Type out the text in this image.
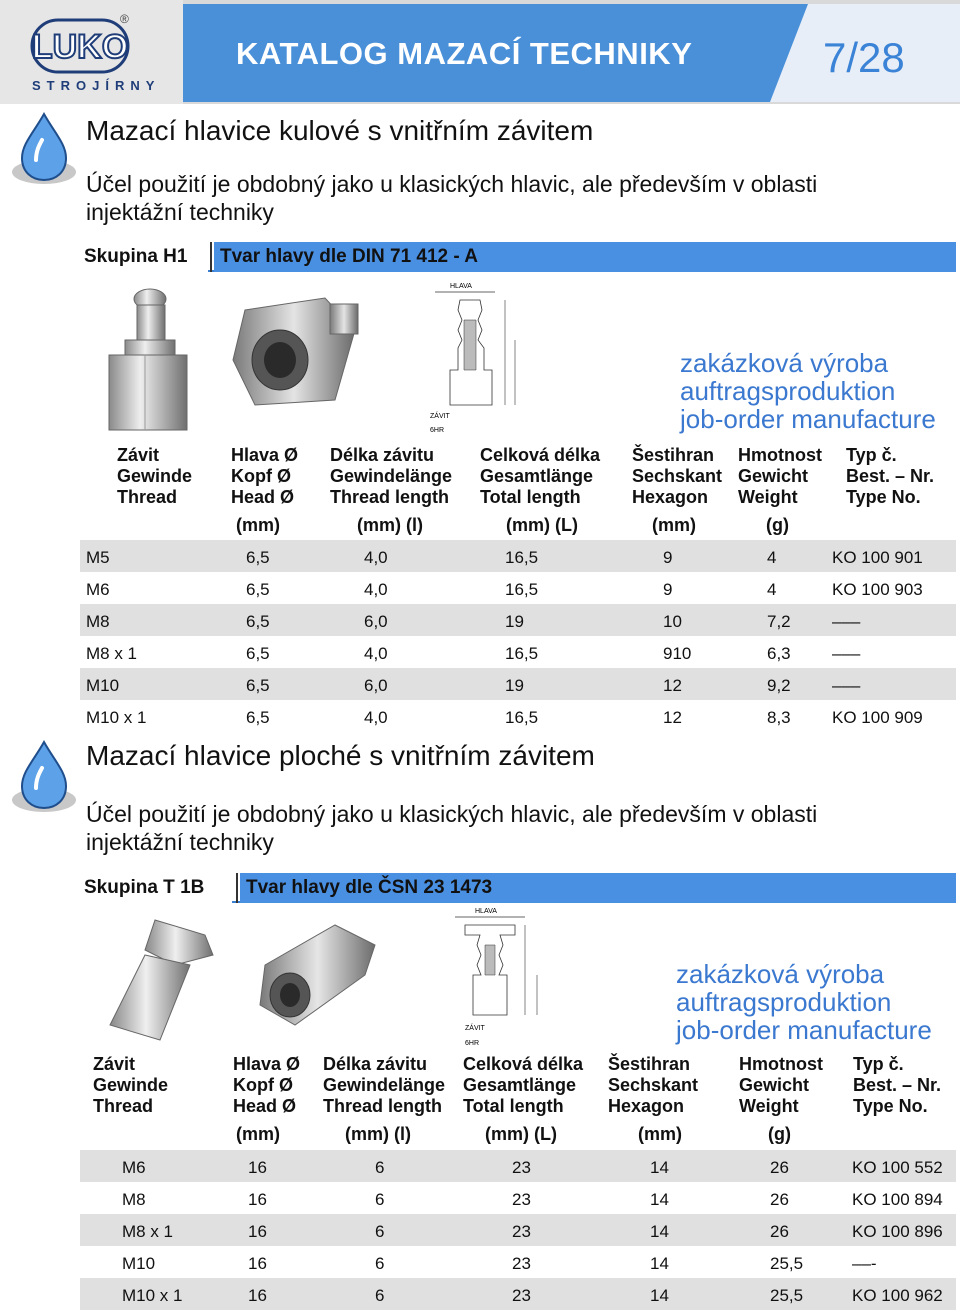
LUKO
®
STROJÍRNY
KATALOG MAZACÍ TECHNIKY	7/28
Mazací hlavice kulové s vnitřním závitem
Účel použití je obdobný jako u klasických hlavic, ale především v oblasti injektážní techniky
Skupina H1	Tvar hlavy dle DIN 71 412 - A
HLAVA
ZÁVIT
6HR
zakázková výroba
auftragsproduktion
job-order manufacture
Závit
Gewinde
Thread
Hlava Ø
Kopf Ø
Head Ø
Délka závitu
Gewindelänge
Thread length
Celková délka
Gesamtlänge
Total length
Šestihran
Sechskant
Hexagon
Hmotnost
Gewicht
Weight
Typ č.
Best. – Nr.
Type No.
(mm)	(mm) (l)	(mm) (L)	(mm)	(g)
M5	6,5	4,0	16,5	9	4	KO 100 901
M6	6,5	4,0	16,5	9	4	KO 100 903
M8	6,5	6,0	19	10	7,2 –––
M8 x 1	6,5	4,0	16,5	910	6,3 –––
M10	6,5	6,0	19	12	9,2 –––
M10 x 1	6,5	4,0	16,5	12	8,3 KO 100 909
Mazací hlavice ploché s vnitřním závitem
Účel použití je obdobný jako u klasických hlavic, ale především v oblasti injektážní techniky
Skupina T 1B	Tvar hlavy dle ČSN 23 1473
HLAVA
ZÁVIT
6HR
zakázková výroba
auftragsproduktion
job-order manufacture
Závit
Gewinde
Thread
Hlava Ø
Kopf Ø
Head Ø
Délka závitu
Gewindelänge
Thread length
Celková délka
Gesamtlänge
Total length
Šestihran
Sechskant
Hexagon
Hmotnost
Gewicht
Weight
Typ č.
Best. – Nr.
Type No.
(mm)	(mm) (l)	(mm) (L)	(mm)	(g)
M6	16	6	23	14	26	KO 100 552
M8	16	6	23	14	26	KO 100 894
M8 x 1	16	6	23	14	26	KO 100 896
M10	16	6	23	14	25,5	––-
M10 x 1	16	6	23	14	25,5	KO 100 962
